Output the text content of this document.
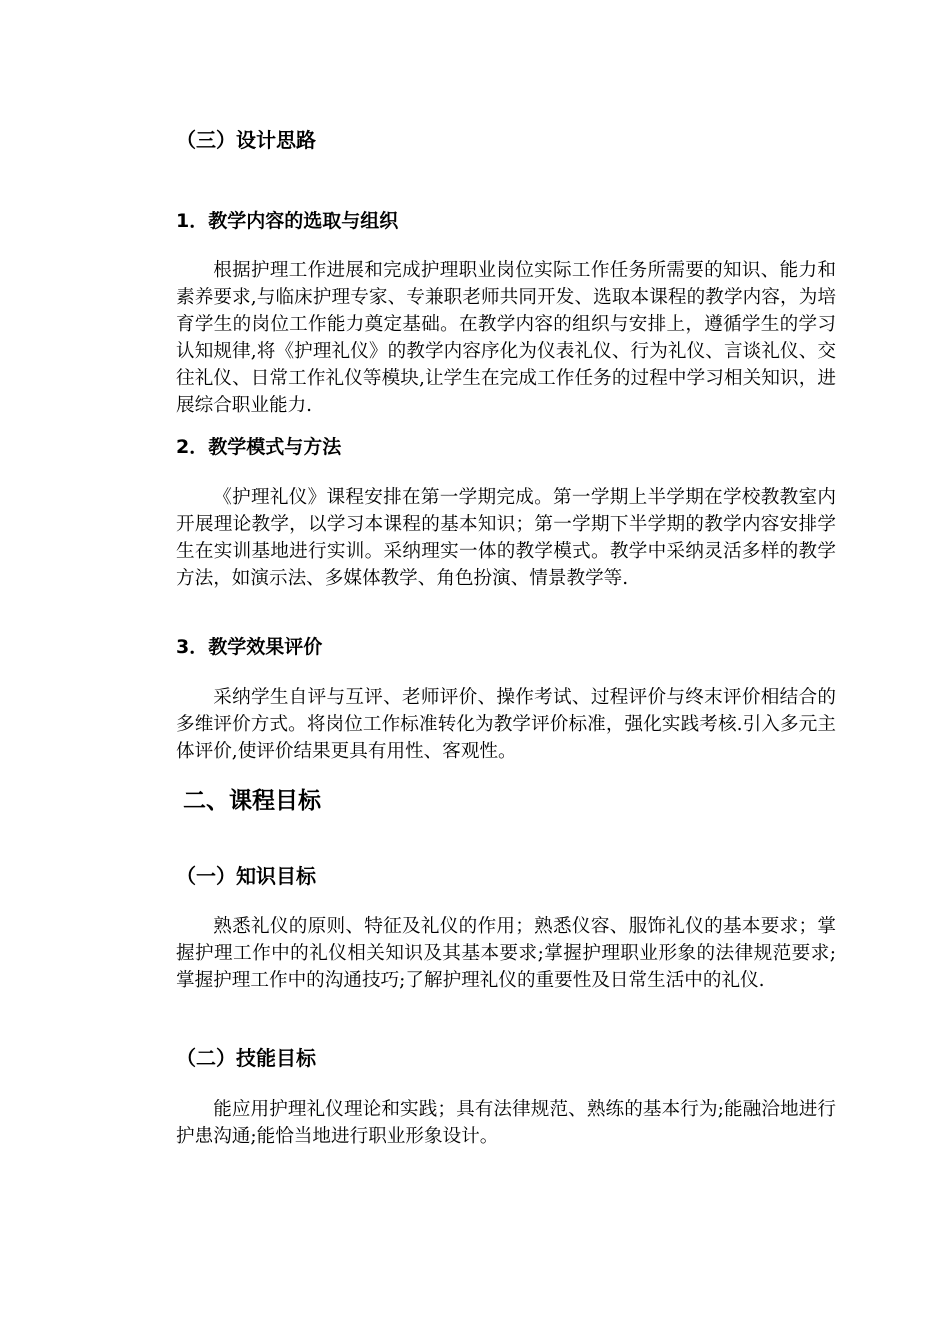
（三）设计思路
1．教学内容的选取与组织
根据护理工作进展和完成护理职业岗位实际工作任务所需要的知识、能力和素养要求,与临床护理专家、专兼职老师共同开发、选取本课程的教学内容，为培育学生的岗位工作能力奠定基础。在教学内容的组织与安排上，遵循学生的学习认知规律,将《护理礼仪》的教学内容序化为仪表礼仪、行为礼仪、言谈礼仪、交往礼仪、日常工作礼仪等模块,让学生在完成工作任务的过程中学习相关知识，进展综合职业能力.
2．教学模式与方法
《护理礼仪》课程安排在第一学期完成。第一学期上半学期在学校教教室内开展理论教学，以学习本课程的基本知识；第一学期下半学期的教学内容安排学生在实训基地进行实训。采纳理实一体的教学模式。教学中采纳灵活多样的教学方法，如演示法、多媒体教学、角色扮演、情景教学等.
3．教学效果评价
采纳学生自评与互评、老师评价、操作考试、过程评价与终末评价相结合的多维评价方式。将岗位工作标准转化为教学评价标准，强化实践考核.引入多元主体评价,使评价结果更具有用性、客观性。
二、课程目标
（一）知识目标
熟悉礼仪的原则、特征及礼仪的作用；熟悉仪容、服饰礼仪的基本要求；掌握护理工作中的礼仪相关知识及其基本要求;掌握护理职业形象的法律规范要求;掌握护理工作中的沟通技巧;了解护理礼仪的重要性及日常生活中的礼仪.
（二）技能目标
能应用护理礼仪理论和实践；具有法律规范、熟练的基本行为;能融洽地进行护患沟通;能恰当地进行职业形象设计。
